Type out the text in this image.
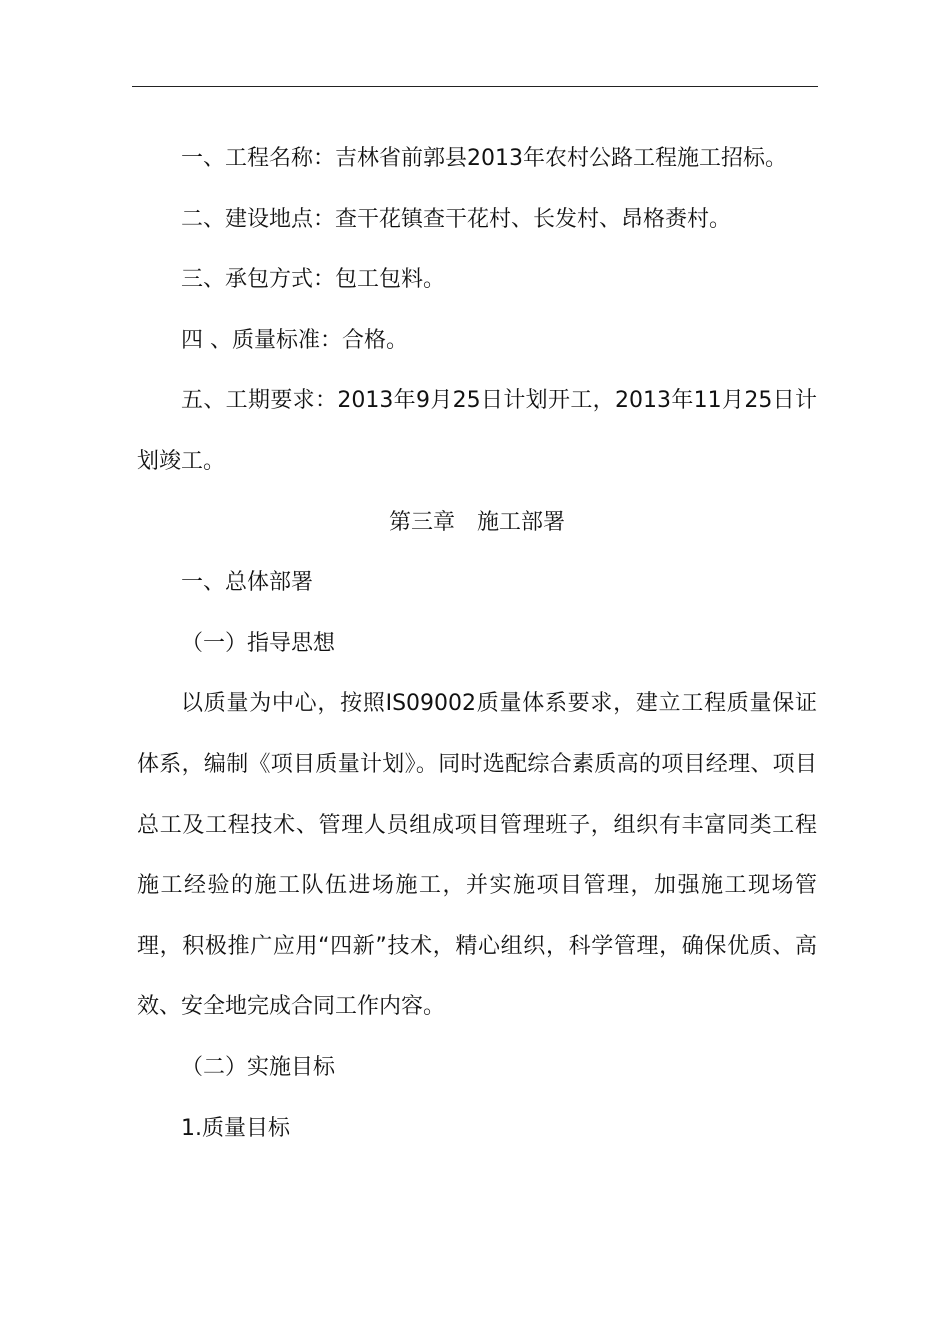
一、工程名称：吉林省前郭县2013年农村公路工程施工招标。

二、建设地点：查干花镇查干花村、长发村、昂格赉村。

三、承包方式：包工包料。

四 、质量标准：合格。

五、工期要求：2013年9月25日计划开工，2013年11月25日计划竣工。

第三章　施工部署

一、总体部署

（一）指导思想

以质量为中心，按照IS09002质量体系要求，建立工程质量保证体系，编制《项目质量计划》。同时选配综合素质高的项目经理、项目总工及工程技术、管理人员组成项目管理班子，组织有丰富同类工程施工经验的施工队伍进场施工，并实施项目管理，加强施工现场管理，积极推广应用“四新”技术，精心组织，科学管理，确保优质、高效、安全地完成合同工作内容。

（二）实施目标

1.质量目标
